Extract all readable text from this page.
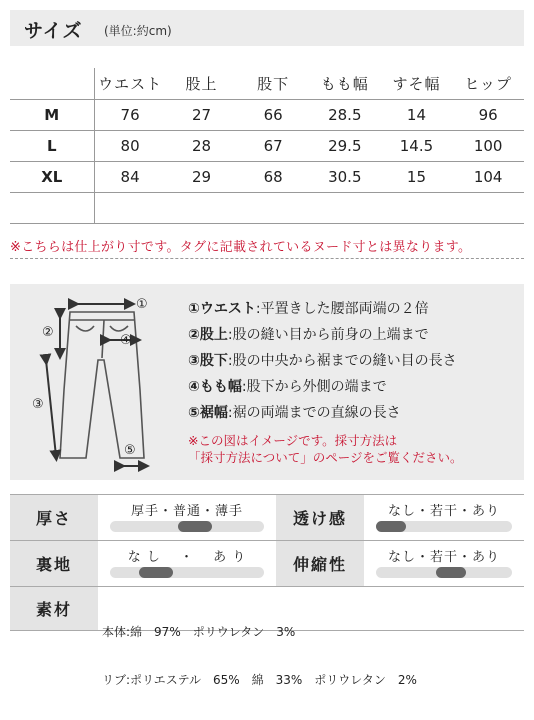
サイズ (単位:約cm)
	ウエスト	股上	股下	もも幅	すそ幅	ヒップ
M	76	27	66	28.5	14	96
L	80	28	67	29.5	14.5	100
XL	84	29	68	30.5	15	104

※こちらは仕上がり寸です。タグに記載されているヌード寸とは異なります。
①
②
③
④
⑤
①ウエスト:平置きした腰部両端の２倍
②股上:股の縫い目から前身の上端まで
③股下:股の中央から裾までの縫い目の長さ
④もも幅:股下から外側の端まで
⑤裾幅:裾の両端までの直線の長さ
※この図はイメージです。採寸方法は
「採寸方法について」のページをご覧ください。
厚さ	厚手・普通・薄手	透け感	なし・若干・あり
裏地	な し 　・　 あ り	伸縮性	なし・若干・あり
素材

本体:綿　97%　ポリウレタン　3%

リブ:ポリエステル　65%　綿　33%　ポリウレタン　2%
